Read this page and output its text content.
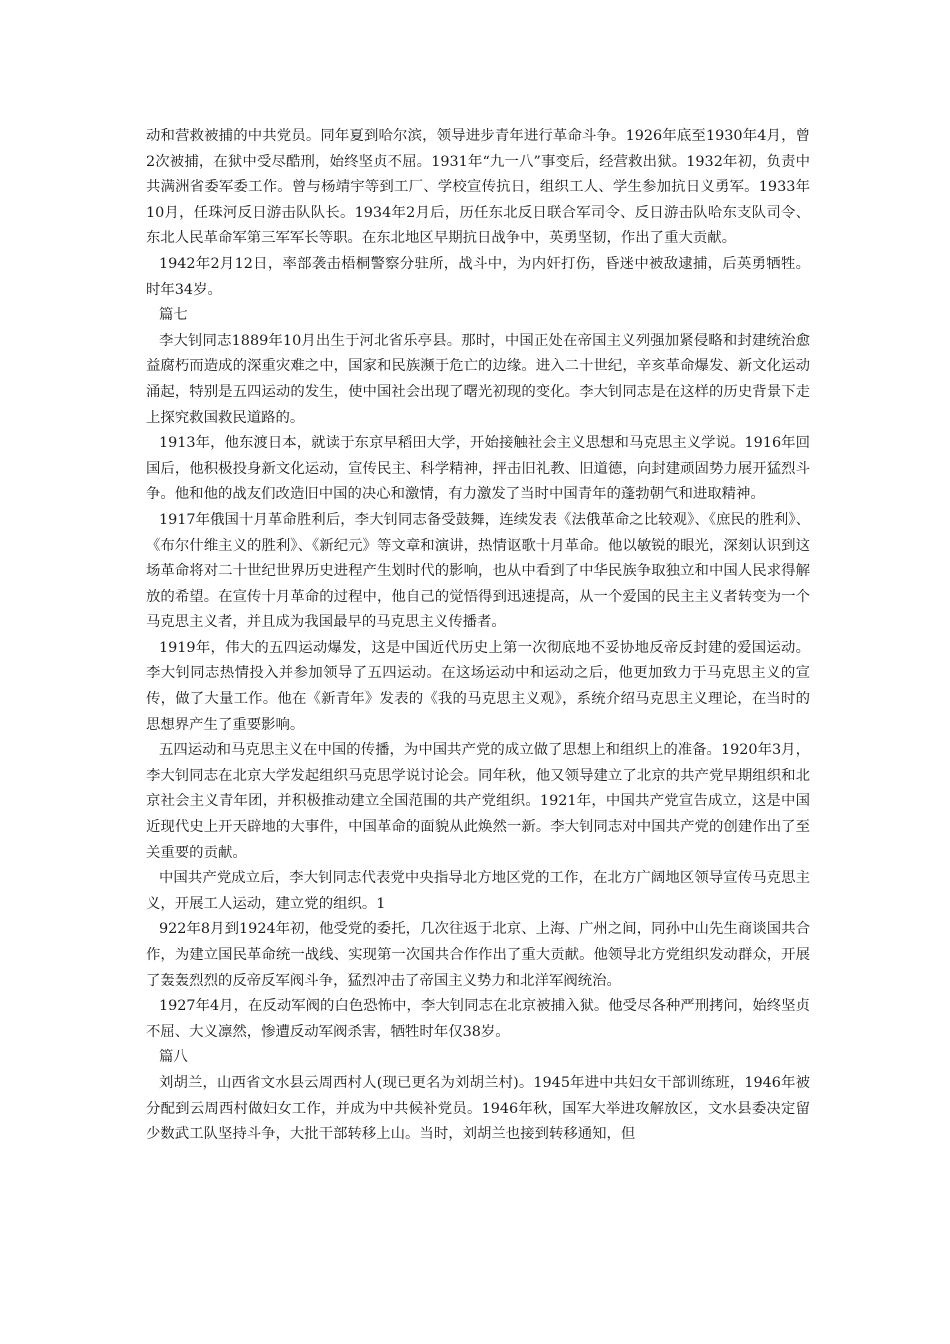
动和营救被捕的中共党员。同年夏到哈尔滨，领导进步青年进行革命斗争。1926年底至1930年4月，曾2次被捕，在狱中受尽酷刑，始终坚贞不屈。1931年“九一八”事变后，经营救出狱。1932年初，负责中共满洲省委军委工作。曾与杨靖宇等到工厂、学校宣传抗日，组织工人、学生参加抗日义勇军。1933年10月，任珠河反日游击队队长。1934年2月后，历任东北反日联合军司令、反日游击队哈东支队司令、东北人民革命军第三军军长等职。在东北地区早期抗日战争中，英勇坚韧，作出了重大贡献。

1942年2月12日，率部袭击梧桐警察分驻所，战斗中，为内奸打伤，昏迷中被敌逮捕，后英勇牺牲。时年34岁。

篇七

李大钊同志1889年10月出生于河北省乐亭县。那时，中国正处在帝国主义列强加紧侵略和封建统治愈益腐朽而造成的深重灾难之中，国家和民族濒于危亡的边缘。进入二十世纪，辛亥革命爆发、新文化运动涌起，特别是五四运动的发生，使中国社会出现了曙光初现的变化。李大钊同志是在这样的历史背景下走上探究救国救民道路的。

1913年，他东渡日本，就读于东京早稻田大学，开始接触社会主义思想和马克思主义学说。1916年回国后，他积极投身新文化运动，宣传民主、科学精神，抨击旧礼教、旧道德，向封建顽固势力展开猛烈斗争。他和他的战友们改造旧中国的决心和激情，有力激发了当时中国青年的蓬勃朝气和进取精神。

1917年俄国十月革命胜利后，李大钊同志备受鼓舞，连续发表《法俄革命之比较观》、《庶民的胜利》、《布尔什维主义的胜利》、《新纪元》等文章和演讲，热情讴歌十月革命。他以敏锐的眼光，深刻认识到这场革命将对二十世纪世界历史进程产生划时代的影响，也从中看到了中华民族争取独立和中国人民求得解放的希望。在宣传十月革命的过程中，他自己的觉悟得到迅速提高，从一个爱国的民主主义者转变为一个马克思主义者，并且成为我国最早的马克思主义传播者。

1919年，伟大的五四运动爆发，这是中国近代历史上第一次彻底地不妥协地反帝反封建的爱国运动。李大钊同志热情投入并参加领导了五四运动。在这场运动中和运动之后，他更加致力于马克思主义的宣传，做了大量工作。他在《新青年》发表的《我的马克思主义观》，系统介绍马克思主义理论，在当时的思想界产生了重要影响。

五四运动和马克思主义在中国的传播，为中国共产党的成立做了思想上和组织上的准备。1920年3月，李大钊同志在北京大学发起组织马克思学说讨论会。同年秋，他又领导建立了北京的共产党早期组织和北京社会主义青年团，并积极推动建立全国范围的共产党组织。1921年，中国共产党宣告成立，这是中国近现代史上开天辟地的大事件，中国革命的面貌从此焕然一新。李大钊同志对中国共产党的创建作出了至关重要的贡献。

中国共产党成立后，李大钊同志代表党中央指导北方地区党的工作，在北方广阔地区领导宣传马克思主义，开展工人运动，建立党的组织。1

922年8月到1924年初，他受党的委托，几次往返于北京、上海、广州之间，同孙中山先生商谈国共合作，为建立国民革命统一战线、实现第一次国共合作作出了重大贡献。他领导北方党组织发动群众，开展了轰轰烈烈的反帝反军阀斗争，猛烈冲击了帝国主义势力和北洋军阀统治。

1927年4月，在反动军阀的白色恐怖中，李大钊同志在北京被捕入狱。他受尽各种严刑拷问，始终坚贞不屈、大义凛然，惨遭反动军阀杀害，牺牲时年仅38岁。

篇八

刘胡兰，山西省文水县云周西村人(现已更名为刘胡兰村)。1945年进中共妇女干部训练班，1946年被分配到云周西村做妇女工作，并成为中共候补党员。1946年秋，国军大举进攻解放区，文水县委决定留少数武工队坚持斗争，大批干部转移上山。当时，刘胡兰也接到转移通知，但
